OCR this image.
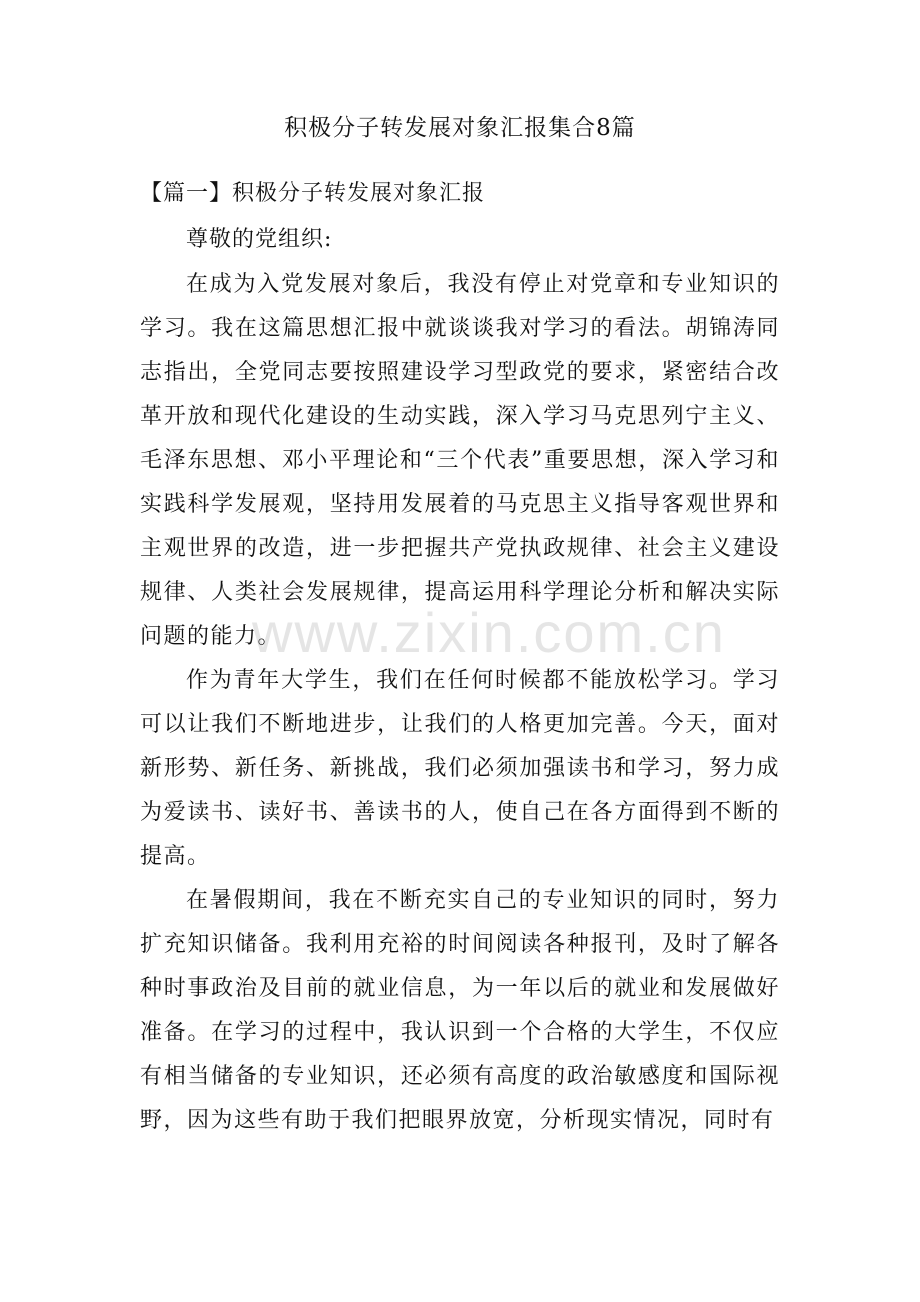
积极分子转发展对象汇报集合8篇
【篇一】积极分子转发展对象汇报

尊敬的党组织:

在成为入党发展对象后，我没有停止对党章和专业知识的学习。我在这篇思想汇报中就谈谈我对学习的看法。胡锦涛同志指出，全党同志要按照建设学习型政党的要求，紧密结合改革开放和现代化建设的生动实践，深入学习马克思列宁主义、毛泽东思想、邓小平理论和“三个代表”重要思想，深入学习和实践科学发展观，坚持用发展着的马克思主义指导客观世界和主观世界的改造，进一步把握共产党执政规律、社会主义建设规律、人类社会发展规律，提高运用科学理论分析和解决实际问题的能力。

作为青年大学生，我们在任何时候都不能放松学习。学习可以让我们不断地进步，让我们的人格更加完善。今天，面对新形势、新任务、新挑战，我们必须加强读书和学习，努力成为爱读书、读好书、善读书的人，使自己在各方面得到不断的提高。

在暑假期间，我在不断充实自己的专业知识的同时，努力扩充知识储备。我利用充裕的时间阅读各种报刊，及时了解各种时事政治及目前的就业信息，为一年以后的就业和发展做好准备。在学习的过程中，我认识到一个合格的大学生，不仅应有相当储备的专业知识，还必须有高度的政治敏感度和国际视野，因为这些有助于我们把眼界放宽，分析现实情况，同时有

www.zixin.com.cn
